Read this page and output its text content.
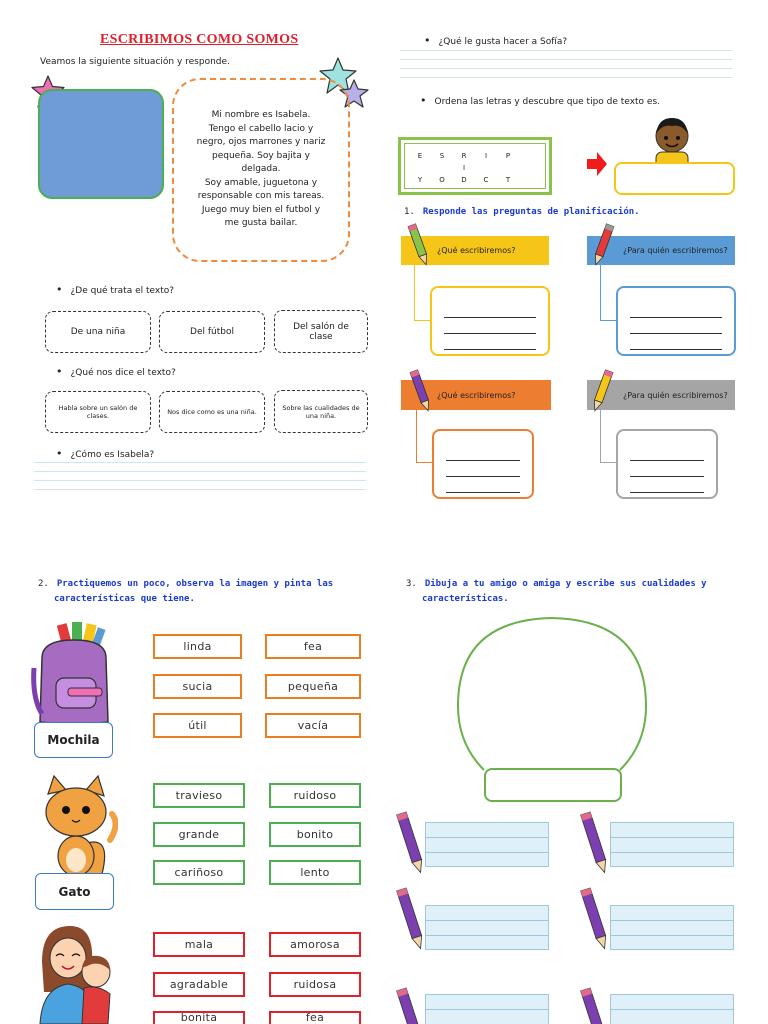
ESCRIBIMOS COMO SOMOS
Veamos la siguiente situación y responde.
Mi nombre es Isabela.
Tengo el cabello lacio y
negro, ojos marrones y nariz
pequeña. Soy bajita y
delgada.
Soy amable, juguetona y
responsable con mis tareas.
Juego muy bien el futbol y
me gusta bailar.
• ¿De qué trata el texto?
De una niña	Del fútbol
Del salón de clase
• ¿Qué nos dice el texto?
Habla sobre un salón de clases.	Nos dice como es una niña.
Sobre las cualidades de una niña.
• ¿Cómo es Isabela?
• ¿Qué le gusta hacer a Sofía?
• Ordena las letras y descubre que tipo de texto es.
E	S	R	I	P
I
Y	O	D	C	T
1. Responde las preguntas de planificación.
¿Qué escribiremos?	¿Para quién escribiremos?
¿Qué escribiremos?	¿Para quién escribiremos?
2. Practiquemos un poco, observa la imagen y pinta las
características que tiene.
Mochila
linda	fea
sucia	pequeña
útil	vacía
Gato
travieso	ruidoso
grande	bonito
cariñoso	lento
mala	amorosa
agradable	ruidosa
bonita	fea
3. Dibuja a tu amigo o amiga y escribe sus cualidades y
características.
